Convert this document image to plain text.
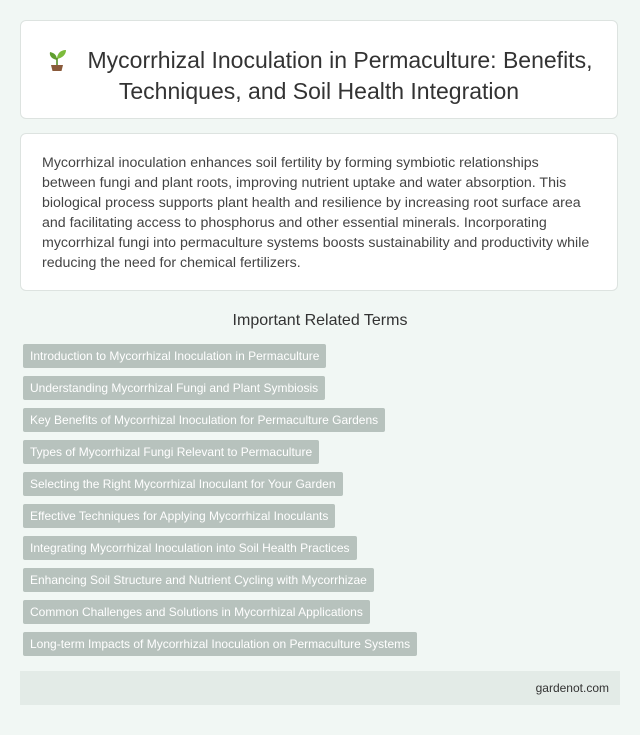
Mycorrhizal Inoculation in Permaculture: Benefits, Techniques, and Soil Health Integration

Mycorrhizal inoculation enhances soil fertility by forming symbiotic relationships between fungi and plant roots, improving nutrient uptake and water absorption. This biological process supports plant health and resilience by increasing root surface area and facilitating access to phosphorus and other essential minerals. Incorporating mycorrhizal fungi into permaculture systems boosts sustainability and productivity while reducing the need for chemical fertilizers.

Important Related Terms
Introduction to Mycorrhizal Inoculation in Permaculture
Understanding Mycorrhizal Fungi and Plant Symbiosis
Key Benefits of Mycorrhizal Inoculation for Permaculture Gardens
Types of Mycorrhizal Fungi Relevant to Permaculture
Selecting the Right Mycorrhizal Inoculant for Your Garden
Effective Techniques for Applying Mycorrhizal Inoculants
Integrating Mycorrhizal Inoculation into Soil Health Practices
Enhancing Soil Structure and Nutrient Cycling with Mycorrhizae
Common Challenges and Solutions in Mycorrhizal Applications
Long-term Impacts of Mycorrhizal Inoculation on Permaculture Systems
gardenot.com
